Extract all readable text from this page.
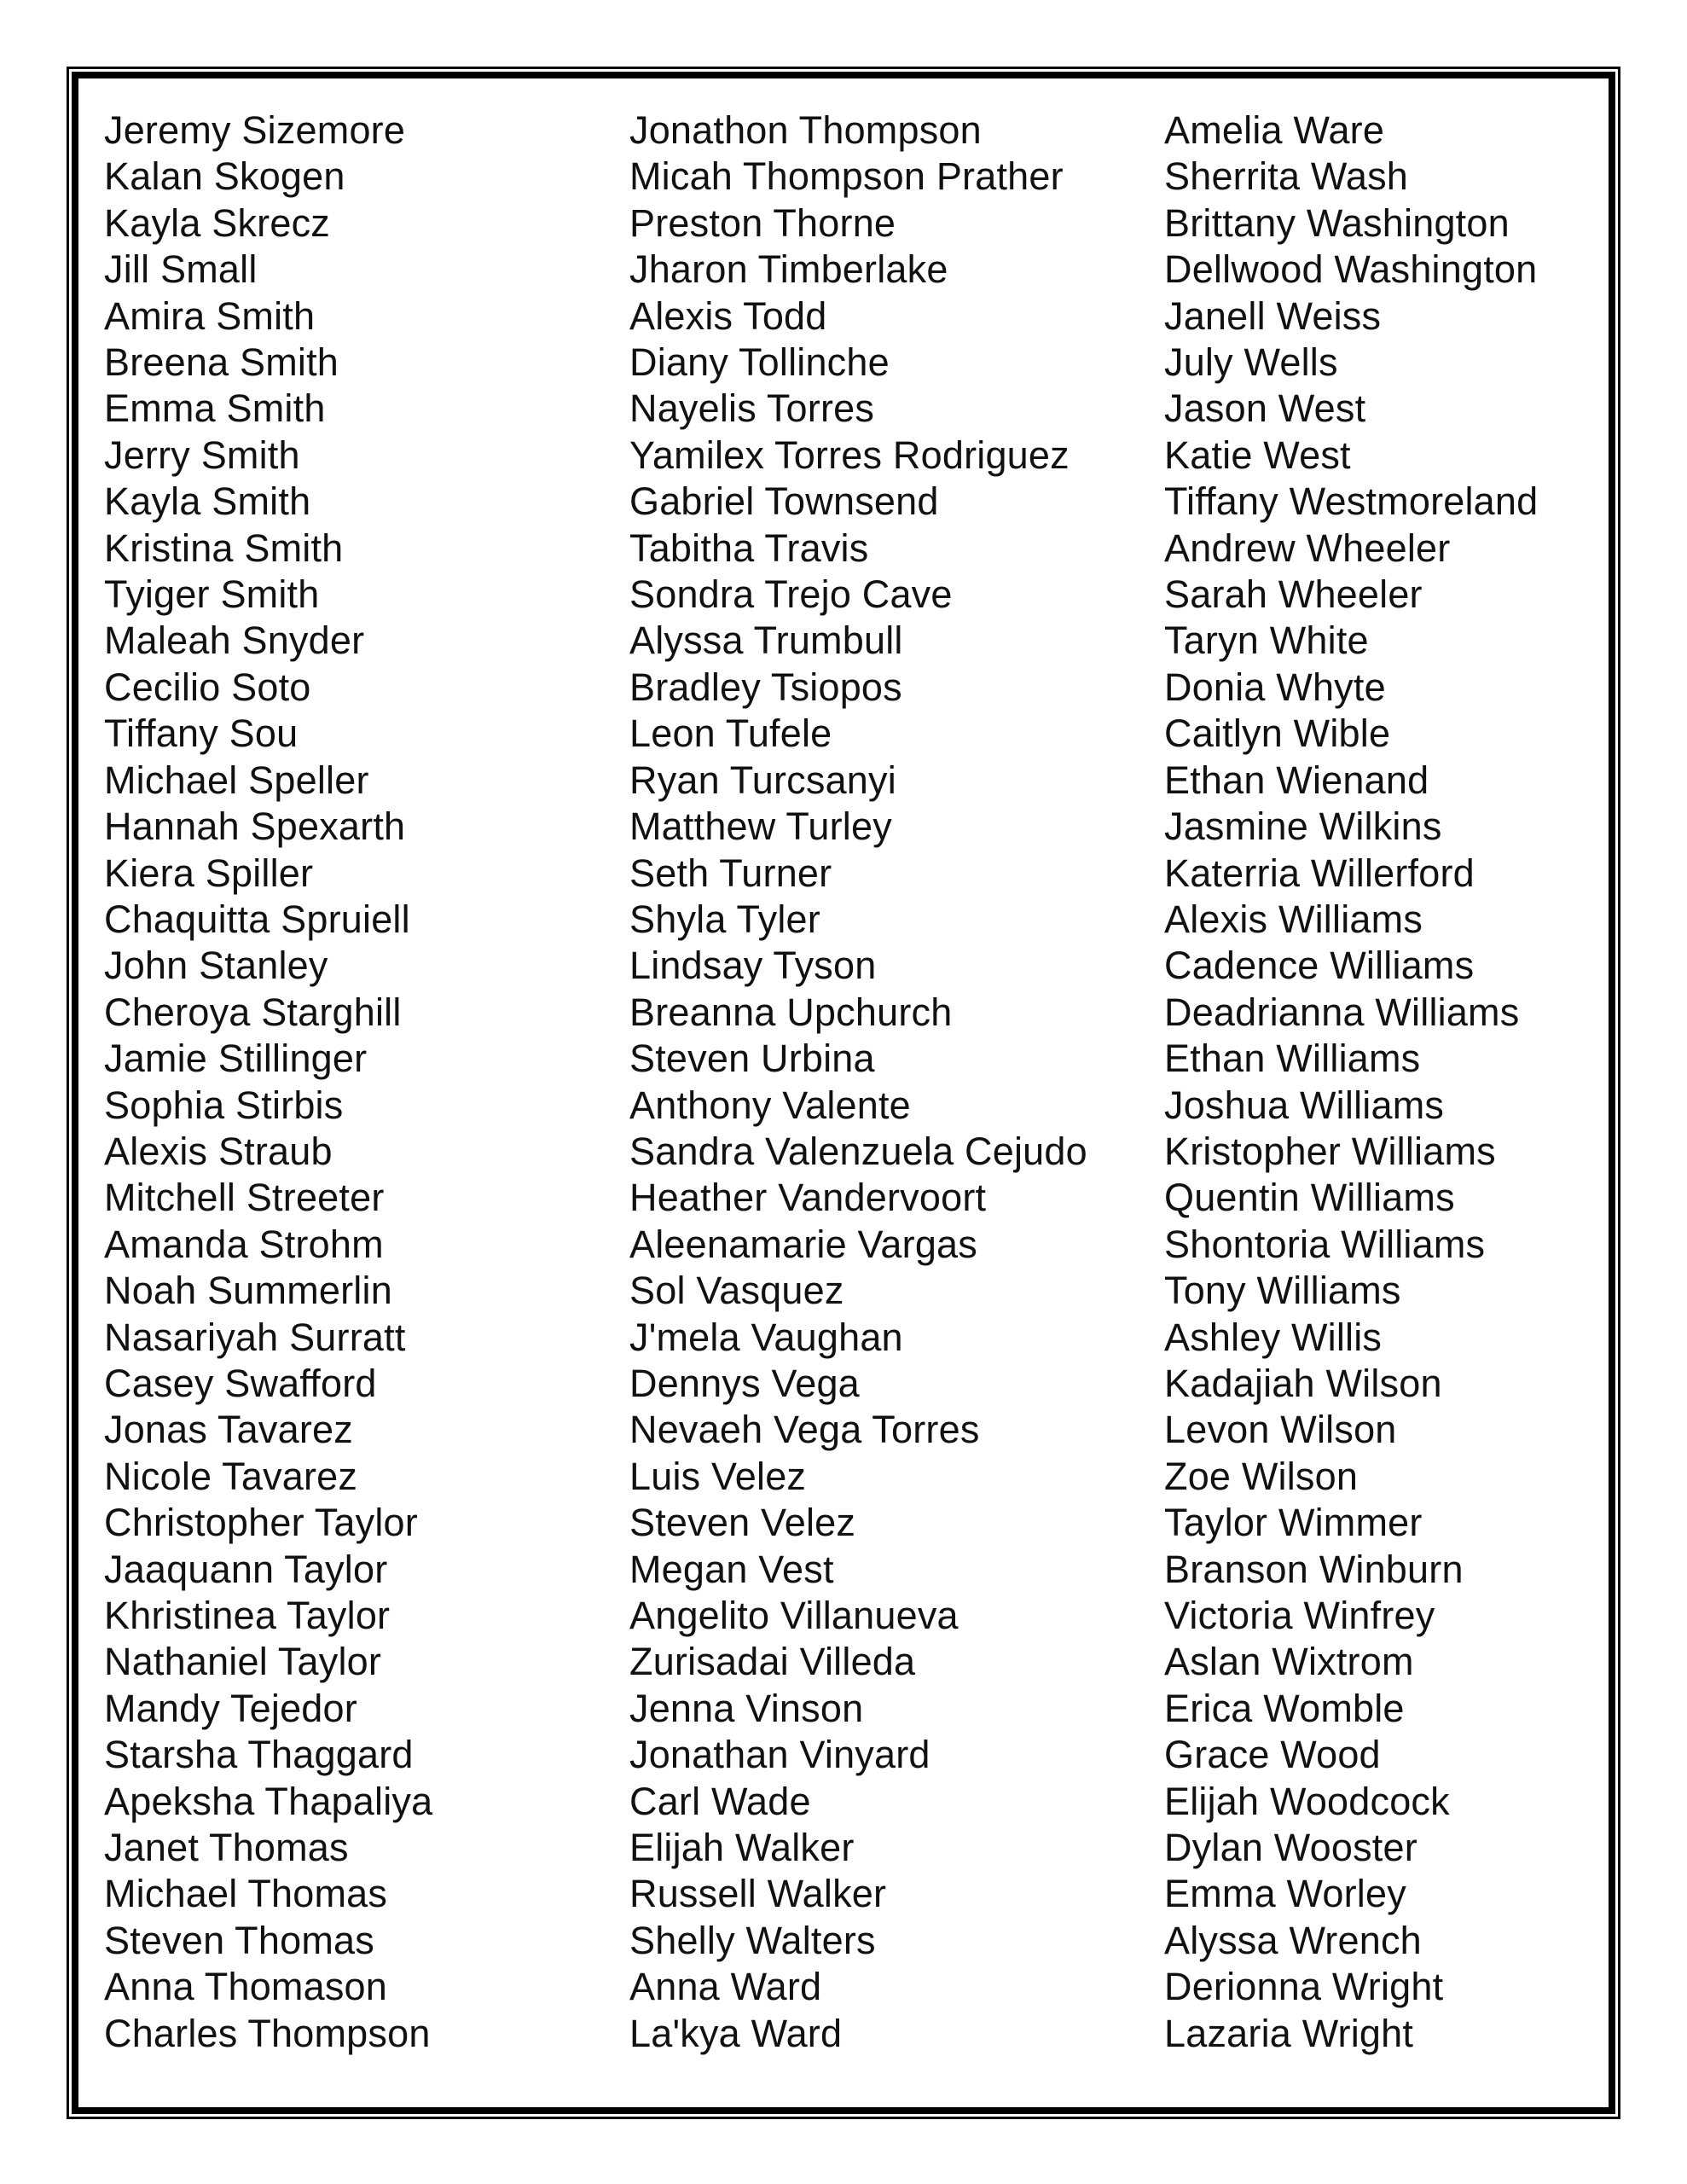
Jeremy Sizemore
Kalan Skogen
Kayla Skrecz
Jill Small
Amira Smith
Breena Smith
Emma Smith
Jerry Smith
Kayla Smith
Kristina Smith
Tyiger Smith
Maleah Snyder
Cecilio Soto
Tiffany Sou
Michael Speller
Hannah Spexarth
Kiera Spiller
Chaquitta Spruiell
John Stanley
Cheroya Starghill
Jamie Stillinger
Sophia Stirbis
Alexis Straub
Mitchell Streeter
Amanda Strohm
Noah Summerlin
Nasariyah Surratt
Casey Swafford
Jonas Tavarez
Nicole Tavarez
Christopher Taylor
Jaaquann Taylor
Khristinea Taylor
Nathaniel Taylor
Mandy Tejedor
Starsha Thaggard
Apeksha Thapaliya
Janet Thomas
Michael Thomas
Steven Thomas
Anna Thomason
Charles Thompson
Jonathon Thompson
Micah Thompson Prather
Preston Thorne
Jharon Timberlake
Alexis Todd
Diany Tollinche
Nayelis Torres
Yamilex Torres Rodriguez
Gabriel Townsend
Tabitha Travis
Sondra Trejo Cave
Alyssa Trumbull
Bradley Tsiopos
Leon Tufele
Ryan Turcsanyi
Matthew Turley
Seth Turner
Shyla Tyler
Lindsay Tyson
Breanna Upchurch
Steven Urbina
Anthony Valente
Sandra Valenzuela Cejudo
Heather Vandervoort
Aleenamarie Vargas
Sol Vasquez
J'mela Vaughan
Dennys Vega
Nevaeh Vega Torres
Luis Velez
Steven Velez
Megan Vest
Angelito Villanueva
Zurisadai Villeda
Jenna Vinson
Jonathan Vinyard
Carl Wade
Elijah Walker
Russell Walker
Shelly Walters
Anna Ward
La'kya Ward
Amelia Ware
Sherrita Wash
Brittany Washington
Dellwood Washington
Janell Weiss
July Wells
Jason West
Katie West
Tiffany Westmoreland
Andrew Wheeler
Sarah Wheeler
Taryn White
Donia Whyte
Caitlyn Wible
Ethan Wienand
Jasmine Wilkins
Katerria Willerford
Alexis Williams
Cadence Williams
Deadrianna Williams
Ethan Williams
Joshua Williams
Kristopher Williams
Quentin Williams
Shontoria Williams
Tony Williams
Ashley Willis
Kadajiah Wilson
Levon Wilson
Zoe Wilson
Taylor Wimmer
Branson Winburn
Victoria Winfrey
Aslan Wixtrom
Erica Womble
Grace Wood
Elijah Woodcock
Dylan Wooster
Emma Worley
Alyssa Wrench
Derionna Wright
Lazaria Wright
